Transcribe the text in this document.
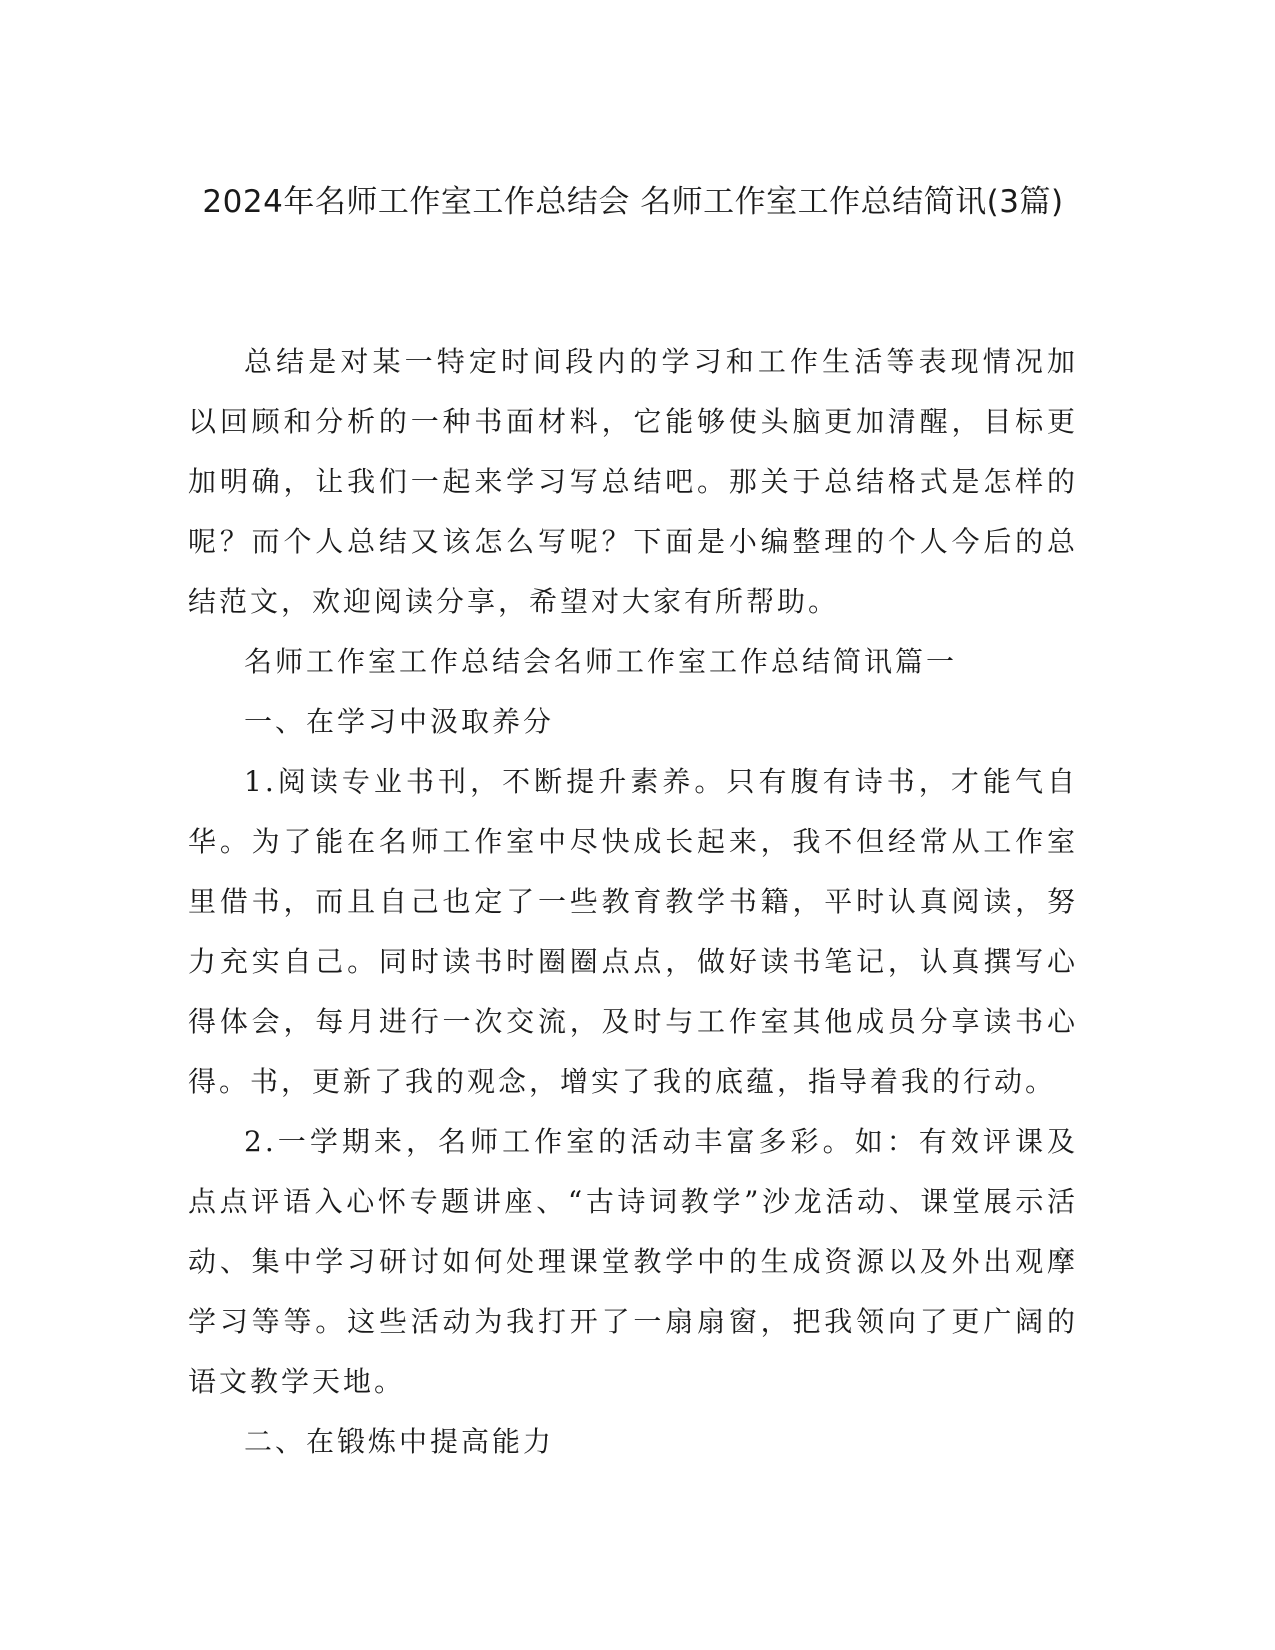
2024年名师工作室工作总结会 名师工作室工作总结简讯(3篇)

总结是对某一特定时间段内的学习和工作生活等表现情况加以回顾和分析的一种书面材料，它能够使头脑更加清醒，目标更加明确，让我们一起来学习写总结吧。那关于总结格式是怎样的呢？而个人总结又该怎么写呢？下面是小编整理的个人今后的总结范文，欢迎阅读分享，希望对大家有所帮助。

名师工作室工作总结会名师工作室工作总结简讯篇一

一、在学习中汲取养分

1.阅读专业书刊，不断提升素养。只有腹有诗书，才能气自华。为了能在名师工作室中尽快成长起来，我不但经常从工作室里借书，而且自己也定了一些教育教学书籍，平时认真阅读，努力充实自己。同时读书时圈圈点点，做好读书笔记，认真撰写心得体会，每月进行一次交流，及时与工作室其他成员分享读书心得。书，更新了我的观念，增实了我的底蕴，指导着我的行动。

2.一学期来，名师工作室的活动丰富多彩。如：有效评课及点点评语入心怀专题讲座、“古诗词教学”沙龙活动、课堂展示活动、集中学习研讨如何处理课堂教学中的生成资源以及外出观摩学习等等。这些活动为我打开了一扇扇窗，把我领向了更广阔的语文教学天地。

二、在锻炼中提高能力
